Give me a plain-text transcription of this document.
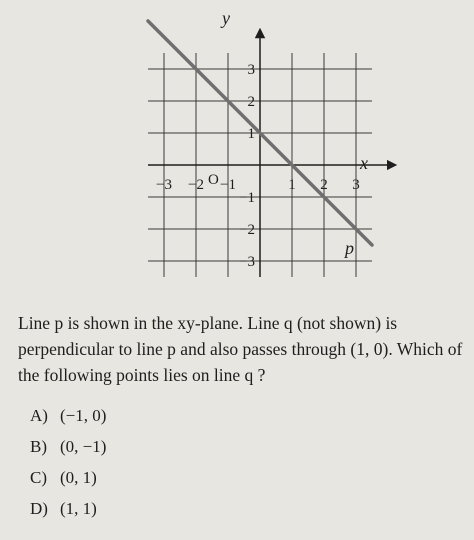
−3 −2 −1	1 2 3
3
2
1
−1
−2
−3
p
x
y
O

Line p is shown in the xy-plane. Line q (not shown) is perpendicular to line p and also passes through (1, 0). Which of the following points lies on line q ?

A) (−1, 0)
B) (0, −1)
C) (0, 1)
D) (1, 1)
